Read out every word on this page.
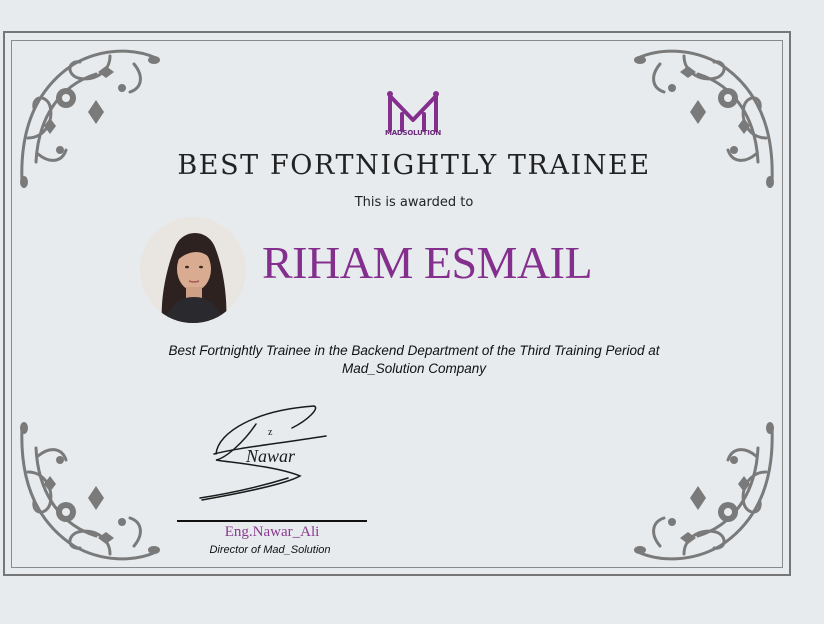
MADSOLUTION
BEST FORTNIGHTLY TRAINEE
This is awarded to
RIHAM ESMAIL

Best Fortnightly Trainee in the Backend Department of the Third Training Period at Mad_Solution Company

z
Nawar
Eng.Nawar_Ali
Director of Mad_Solution
